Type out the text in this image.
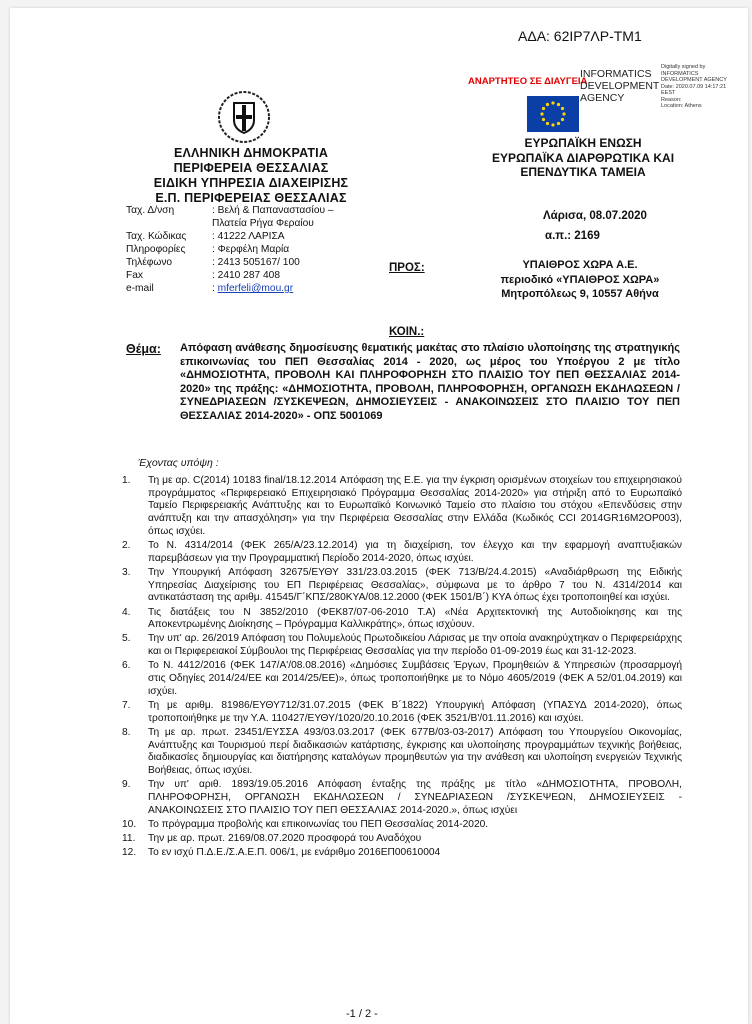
ΑΔΑ: 62ΙΡ7ΛΡ-ΤΜ1
ΑΝΑΡΤΗΤΕΟ ΣΕ ΔΙΑΥΓΕΙΑ
INFORMATICS
DEVELOPMENT
AGENCY
Digitally signed by
INFORMATICS
DEVELOPMENT AGENCY
Date: 2020.07.09 14:17:21
EEST
Reason:
Location: Athens
ΕΛΛΗΝΙΚΗ ΔΗΜΟΚΡΑΤΙΑ
ΠΕΡΙΦΕΡΕΙΑ ΘΕΣΣΑΛΙΑΣ
ΕΙΔΙΚΗ ΥΠΗΡΕΣΙΑ ΔΙΑΧΕΙΡΙΣΗΣ
Ε.Π. ΠΕΡΙΦΕΡΕΙΑΣ ΘΕΣΣΑΛΙΑΣ
ΕΥΡΩΠΑΪΚΗ ΕΝΩΣΗ
ΕΥΡΩΠΑΪΚΑ ΔΙΑΡΘΡΩΤΙΚΑ ΚΑΙ
ΕΠΕΝΔΥΤΙΚΑ ΤΑΜΕΙΑ
Ταχ. Δ/νση	: Βελή & Παπαναστασίου –
Πλατεία Ρήγα Φεραίου
Ταχ. Κώδικας	: 41222 ΛΑΡΙΣΑ
Πληροφορίες	: Φερφέλη Μαρία
Τηλέφωνο	: 2413 505167/ 100
Fax	: 2410 287 408
e-mail	: mferfeli@mou.gr
Λάρισα, 08.07.2020
α.π.: 2169
ΠΡΟΣ:	ΥΠΑΙΘΡΟΣ ΧΩΡΑ Α.Ε.
περιοδικό «ΥΠΑΙΘΡΟΣ ΧΩΡΑ»
Μητροπόλεως 9, 10557 Αθήνα
ΚΟΙΝ.:
Θέμα: Απόφαση ανάθεσης δημοσίευσης θεματικής μακέτας στο πλαίσιο υλοποίησης της στρατηγικής επικοινωνίας του ΠΕΠ Θεσσαλίας 2014 - 2020, ως μέρος του Υποέργου 2 με τίτλο «ΔΗΜΟΣΙΟΤΗΤΑ, ΠΡΟΒΟΛΗ ΚΑΙ ΠΛΗΡΟΦΟΡΗΣΗ ΣΤΟ ΠΛΑΙΣΙΟ ΤΟΥ ΠΕΠ ΘΕΣΣΑΛΙΑΣ 2014-2020» της πράξης: «ΔΗΜΟΣΙΟΤΗΤΑ, ΠΡΟΒΟΛΗ, ΠΛΗΡΟΦΟΡΗΣΗ, ΟΡΓΑΝΩΣΗ ΕΚΔΗΛΩΣΕΩΝ / ΣΥΝΕΔΡΙΑΣΕΩΝ /ΣΥΣΚΕΨΕΩΝ, ΔΗΜΟΣΙΕΥΣΕΙΣ - ΑΝΑΚΟΙΝΩΣΕΙΣ ΣΤΟ ΠΛΑΙΣΙΟ ΤΟΥ ΠΕΠ ΘΕΣΣΑΛΙΑΣ 2014-2020» - ΟΠΣ 5001069
Έχοντας υπόψη :
1.	Τη με αρ. C(2014) 10183 final/18.12.2014 Απόφαση της Ε.Ε. για την έγκριση ορισμένων στοιχείων του επιχειρησιακού προγράμματος «Περιφερειακό Επιχειρησιακό Πρόγραμμα Θεσσαλίας 2014-2020» για στήριξη από το Ευρωπαϊκό Ταμείο Περιφερειακής Ανάπτυξης και το Ευρωπαϊκό Κοινωνικό Ταμείο στο πλαίσιο του στόχου «Επενδύσεις στην ανάπτυξη και την απασχόληση» για την Περιφέρεια Θεσσαλίας στην Ελλάδα (Κωδικός CCI 2014GR16M2OP003), όπως ισχύει.
2.	Το Ν. 4314/2014 (ΦΕΚ 265/Α/23.12.2014) για τη διαχείριση, τον έλεγχο και την εφαρμογή αναπτυξιακών παρεμβάσεων για την Προγραμματική Περίοδο 2014-2020, όπως ισχύει.
3.	Την Υπουργική Απόφαση 32675/ΕΥΘΥ 331/23.03.2015 (ΦΕΚ 713/Β/24.4.2015) «Αναδιάρθρωση της Ειδικής Υπηρεσίας Διαχείρισης του ΕΠ Περιφέρειας Θεσσαλίας», σύμφωνα με το άρθρο 7 του Ν. 4314/2014 και αντικατάσταση της αριθμ. 41545/Γ΄ΚΠΣ/280ΚΥΑ/08.12.2000 (ΦΕΚ 1501/Β΄) ΚΥΑ όπως έχει τροποποιηθεί και ισχύει.
4.	Τις διατάξεις του Ν 3852/2010 (ΦΕΚ87/07-06-2010 Τ.Α) «Νέα Αρχιτεκτονική της Αυτοδιοίκησης και της Αποκεντρωμένης Διοίκησης – Πρόγραμμα Καλλικράτης», όπως ισχύουν.
5.	Την υπ' αρ. 26/2019 Απόφαση του Πολυμελούς Πρωτοδικείου Λάρισας με την οποία ανακηρύχτηκαν ο Περιφερειάρχης και οι Περιφερειακοί Σύμβουλοι της Περιφέρειας Θεσσαλίας για την περίοδο 01-09-2019 έως και 31-12-2023.
6.	Το Ν. 4412/2016 (ΦΕΚ 147/Α'/08.08.2016) «Δημόσιες Συμβάσεις Έργων, Προμηθειών & Υπηρεσιών (προσαρμογή στις Οδηγίες 2014/24/ΕΕ και 2014/25/ΕΕ)», όπως τροποποιήθηκε με το Νόμο 4605/2019 (ΦΕΚ Α 52/01.04.2019) και ισχύει.
7.	Τη με αριθμ. 81986/ΕΥΘΥ712/31.07.2015 (ΦΕΚ Β΄1822) Υπουργική Απόφαση (ΥΠΑΣΥΔ 2014-2020), όπως τροποποιήθηκε με την Υ.Α. 110427/ΕΥΘΥ/1020/20.10.2016 (ΦΕΚ 3521/Β'/01.11.2016) και ισχύει.
8.	Τη με αρ. πρωτ. 23451/ΕΥΣΣΑ 493/03.03.2017 (ΦΕΚ 677Β/03-03-2017) Απόφαση του Υπουργείου Οικονομίας, Ανάπτυξης και Τουρισμού περί διαδικασιών κατάρτισης, έγκρισης και υλοποίησης προγραμμάτων τεχνικής βοήθειας, διαδικασίες δημιουργίας και διατήρησης καταλόγων προμηθευτών για την ανάθεση και υλοποίηση ενεργειών Τεχνικής Βοήθειας, όπως ισχύει.
9.	Την υπ' αριθ. 1893/19.05.2016 Απόφαση ένταξης της πράξης με τίτλο «ΔΗΜΟΣΙΟΤΗΤΑ, ΠΡΟΒΟΛΗ, ΠΛΗΡΟΦΟΡΗΣΗ, ΟΡΓΑΝΩΣΗ ΕΚΔΗΛΩΣΕΩΝ / ΣΥΝΕΔΡΙΑΣΕΩΝ /ΣΥΣΚΕΨΕΩΝ, ΔΗΜΟΣΙΕΥΣΕΙΣ - ΑΝΑΚΟΙΝΩΣΕΙΣ ΣΤΟ ΠΛΑΙΣΙΟ ΤΟΥ ΠΕΠ ΘΕΣΣΑΛΙΑΣ 2014-2020.», όπως ισχύει
10.	Το πρόγραμμα προβολής και επικοινωνίας του ΠΕΠ Θεσσαλίας 2014-2020.
11.	Την με αρ. πρωτ. 2169/08.07.2020 προσφορά του Αναδόχου
12.	Το εν ισχύ Π.Δ.Ε./Σ.Α.Ε.Π. 006/1, με ενάριθμο 2016ΕΠ00610004
-1 / 2 -
